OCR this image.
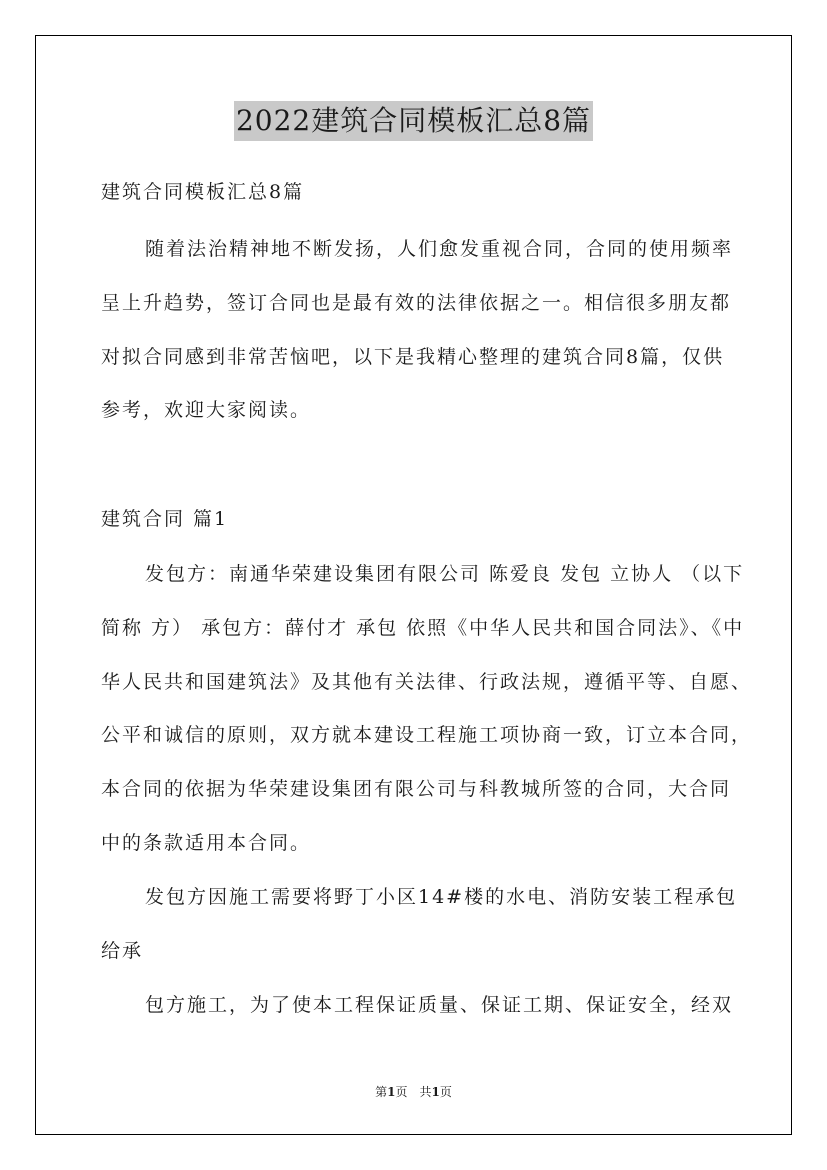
2022建筑合同模板汇总8篇
建筑合同模板汇总8篇
随着法治精神地不断发扬，人们愈发重视合同，合同的使用频率
呈上升趋势，签订合同也是最有效的法律依据之一。相信很多朋友都
对拟合同感到非常苦恼吧，以下是我精心整理的建筑合同8篇，仅供
参考，欢迎大家阅读。
建筑合同 篇1
发包方：南通华荣建设集团有限公司 陈爱良 发包 立协人 （以下
简称 方） 承包方：薛付才 承包 依照《中华人民共和国合同法》、《中
华人民共和国建筑法》及其他有关法律、行政法规，遵循平等、自愿、
公平和诚信的原则，双方就本建设工程施工项协商一致，订立本合同，
本合同的依据为华荣建设集团有限公司与科教城所签的合同，大合同
中的条款适用本合同。
发包方因施工需要将野丁小区14#楼的水电、消防安装工程承包
给承
包方施工，为了使本工程保证质量、保证工期、保证安全，经双
第1页　共1页
